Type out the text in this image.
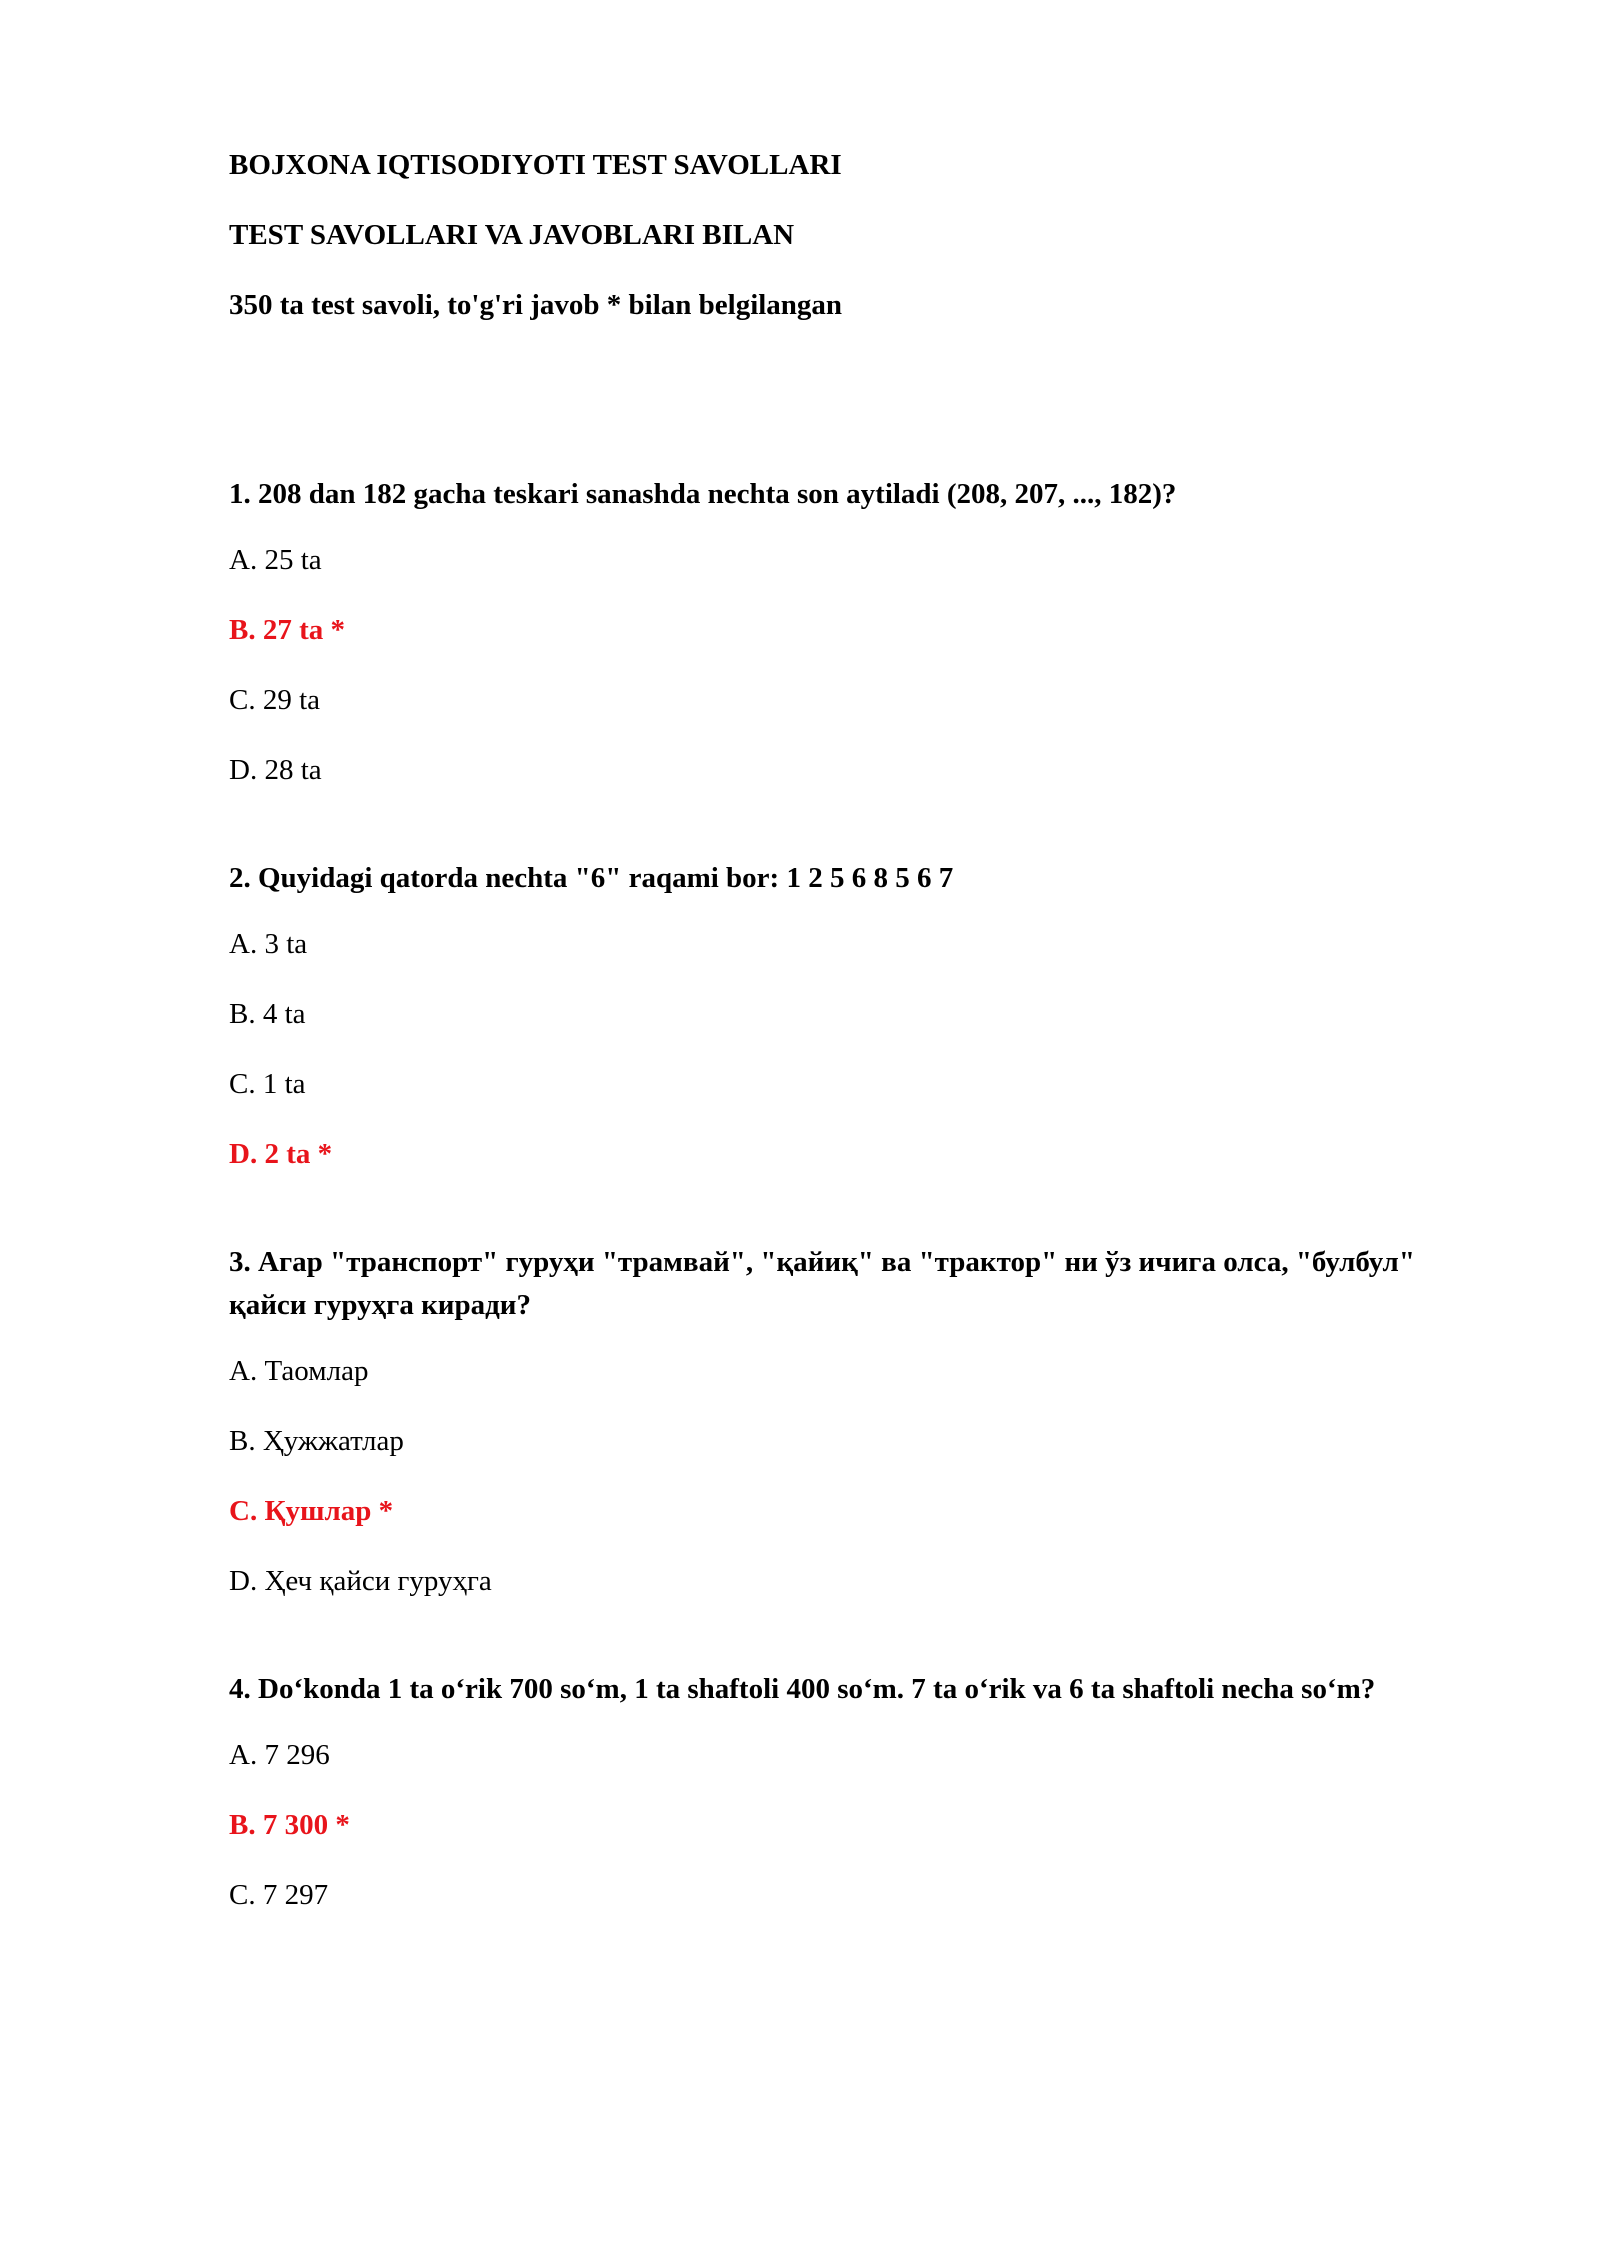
BOJXONA IQTISODIYOTI TEST SAVOLLARI
TEST SAVOLLARI VA JAVOBLARI BILAN
350 ta test savoli, to'g'ri javob * bilan belgilangan
1. 208 dan 182 gacha teskari sanashda nechta son aytiladi (208, 207, ..., 182)?
A. 25 ta
B. 27 ta *
C. 29 ta
D. 28 ta
2. Quyidagi qatorda nechta "6" raqami bor: 1 2 5 6 8 5 6 7
A. 3 ta
B. 4 ta
C. 1 ta
D. 2 ta *
3. Агар "транспорт" гуруҳи "трамвай", "қайиқ" ва "трактор" ни ўз ичига олса, "булбул" қайси гуруҳга киради?
A. Таомлар
B. Ҳужжатлар
C. Қушлар *
D. Ҳеч қайси гуруҳга
4. Do‘konda 1 ta o‘rik 700 so‘m, 1 ta shaftoli 400 so‘m. 7 ta o‘rik va 6 ta shaftoli necha so‘m?
A. 7 296
B. 7 300 *
C. 7 297
